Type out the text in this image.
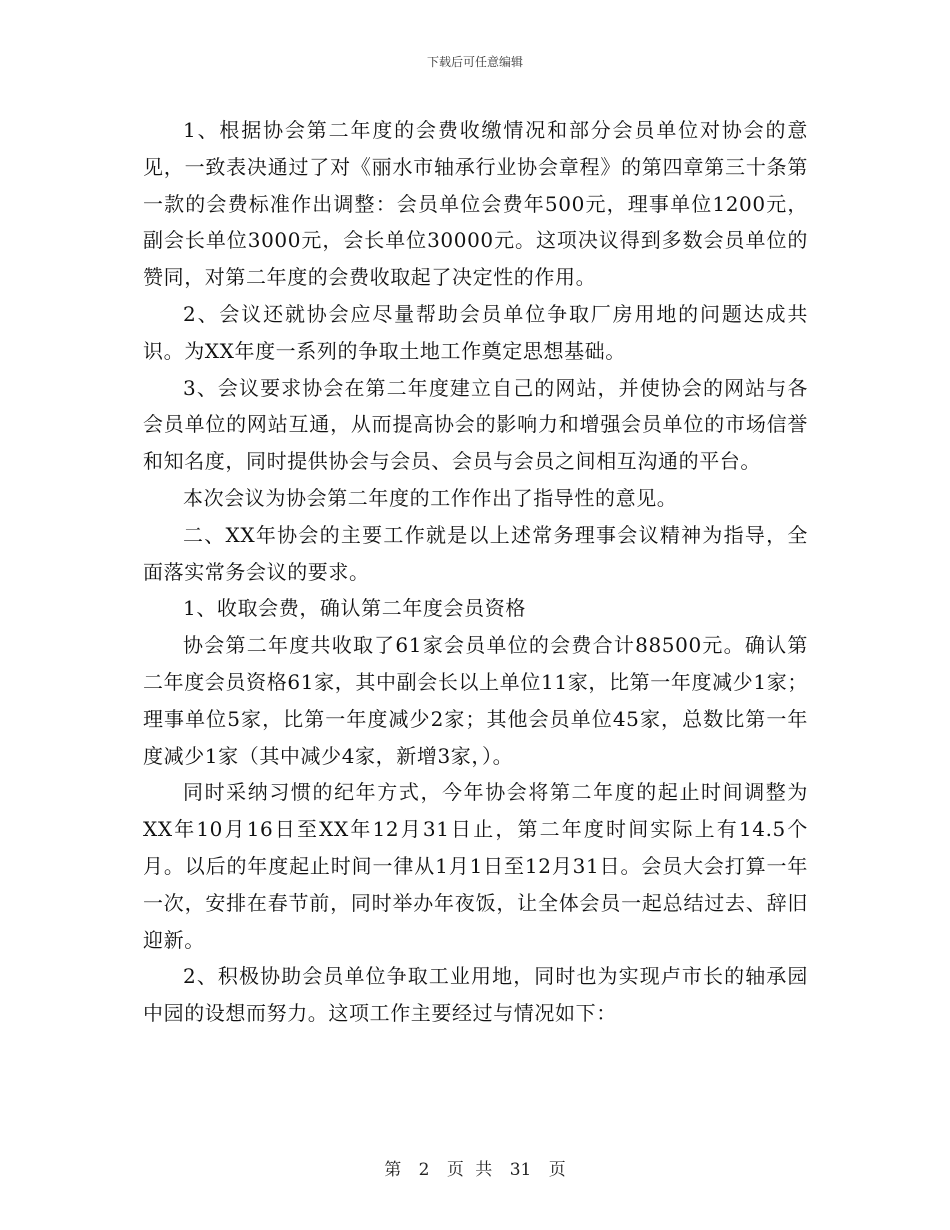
下载后可任意编辑

1、根据协会第二年度的会费收缴情况和部分会员单位对协会的意见，一致表决通过了对《丽水市轴承行业协会章程》的第四章第三十条第一款的会费标准作出调整：会员单位会费年500元，理事单位1200元，副会长单位3000元，会长单位30000元。这项决议得到多数会员单位的赞同，对第二年度的会费收取起了决定性的作用。

2、会议还就协会应尽量帮助会员单位争取厂房用地的问题达成共识。为XX年度一系列的争取土地工作奠定思想基础。

3、会议要求协会在第二年度建立自己的网站，并使协会的网站与各会员单位的网站互通，从而提高协会的影响力和增强会员单位的市场信誉和知名度，同时提供协会与会员、会员与会员之间相互沟通的平台。

本次会议为协会第二年度的工作作出了指导性的意见。

二、XX年协会的主要工作就是以上述常务理事会议精神为指导，全面落实常务会议的要求。

1、收取会费，确认第二年度会员资格

协会第二年度共收取了61家会员单位的会费合计88500元。确认第二年度会员资格61家，其中副会长以上单位11家，比第一年度减少1家；理事单位5家，比第一年度减少2家；其他会员单位45家，总数比第一年度减少1家（其中减少4家，新增3家，）。

同时采纳习惯的纪年方式，今年协会将第二年度的起止时间调整为XX年10月16日至XX年12月31日止，第二年度时间实际上有14.5个月。以后的年度起止时间一律从1月1日至12月31日。会员大会打算一年一次，安排在春节前，同时举办年夜饭，让全体会员一起总结过去、辞旧迎新。

2、积极协助会员单位争取工业用地，同时也为实现卢市长的轴承园中园的设想而努力。这项工作主要经过与情况如下：

第 2 页 共 31 页
